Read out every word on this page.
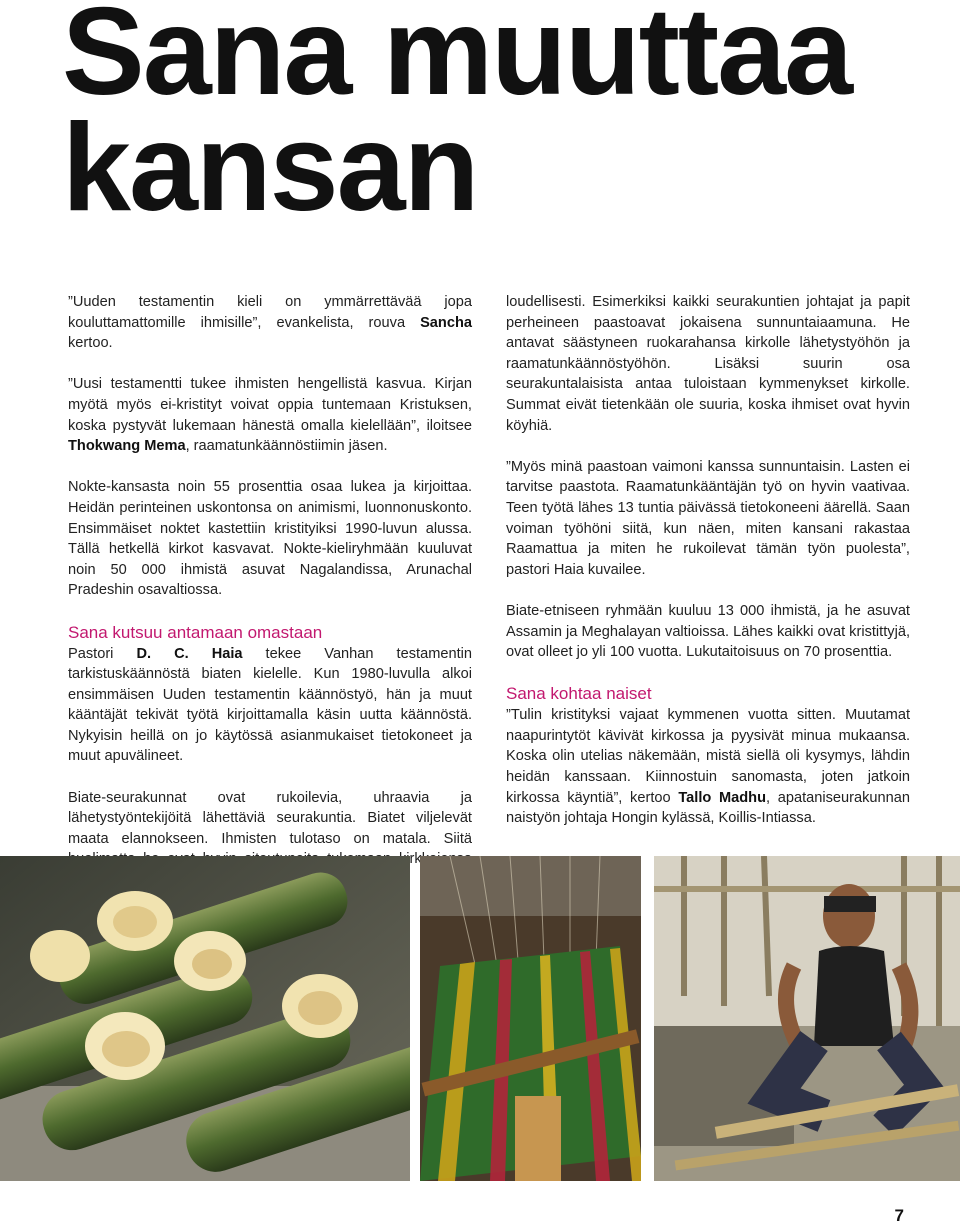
Sana muuttaa
kansan

”Uuden testamentin kieli on ymmärrettävää jopa kouluttamattomille ihmisille”, evankelista, rouva Sancha kertoo.

”Uusi testamentti tukee ihmisten hengellistä kasvua. Kirjan myötä myös ei-kristityt voivat oppia tuntemaan Kristuksen, koska pystyvät lukemaan hänestä omalla kielellään”, iloitsee Thokwang Mema, raamatunkäännöstiimin jäsen.

Nokte-kansasta noin 55 prosenttia osaa lukea ja kirjoittaa. Heidän perinteinen uskontonsa on animismi, luonnonuskonto. Ensimmäiset noktet kastettiin kristityiksi 1990-luvun alussa. Tällä hetkellä kirkot kasvavat. Nokte-kieliryhmään kuuluvat noin 50 000 ihmistä asuvat Nagalandissa, Arunachal Pradeshin osavaltiossa.

Sana kutsuu antamaan omastaan

Pastori D. C. Haia tekee Vanhan testamentin tarkistuskäännöstä biaten kielelle. Kun 1980-luvulla alkoi ensimmäisen Uuden testamentin käännöstyö, hän ja muut kääntäjät tekivät työtä kirjoittamalla käsin uutta käännöstä. Nykyisin heillä on jo käytössä asianmukaiset tietokoneet ja muut apuvälineet.

Biate-seurakunnat ovat rukoilevia, uhraavia ja lähetystyöntekijöitä lähettäviä seurakuntia. Biatet viljelevät maata elannokseen. Ihmisten tulotaso on matala. Siitä

loudellisesti. Esimerkiksi kaikki seurakuntien johtajat ja papit perheineen paastoavat jokaisena sunnuntaiaamuna. He antavat säästyneen ruokarahansa kirkolle lähetystyöhön ja raamatunkäännöstyöhön. Lisäksi suurin osa seurakuntalaisista antaa tuloistaan kymmenykset kirkolle. Summat eivät tietenkään ole suuria, koska ihmiset ovat hyvin köyhiä.

”Myös minä paastoan vaimoni kanssa sunnuntaisin. Lasten ei tarvitse paastota. Raamatunkääntäjän työ on hyvin vaativaa. Teen työtä lähes 13 tuntia päivässä tietokoneeni äärellä. Saan voiman työhöni siitä, kun näen, miten kansani rakastaa Raamattua ja miten he rukoilevat tämän työn puolesta”, pastori Haia kuvailee.

Biate-etniseen ryhmään kuuluu 13 000 ihmistä, ja he asuvat Assamin ja Meghalayan valtioissa. Lähes kaikki ovat kristittyjä, ovat olleet jo yli 100 vuotta. Lukutaitoisuus on 70 prosenttia.

Sana kohtaa naiset

”Tulin kristityksi vajaat kymmenen vuotta sitten. Muutamat naapurintytöt kävivät kirkossa ja pyysivät minua mukaansa. Koska olin utelias näkemään, mistä siellä oli kysymys, lähdin heidän kanssaan. Kiinnostuin sanomasta, joten jatkoin kirkossa käyntiä”, kertoo Tallo Madhu, apataniseurakunnan naistyön johtaja Hongin kylässä, Koillis-Intiassa.

7
